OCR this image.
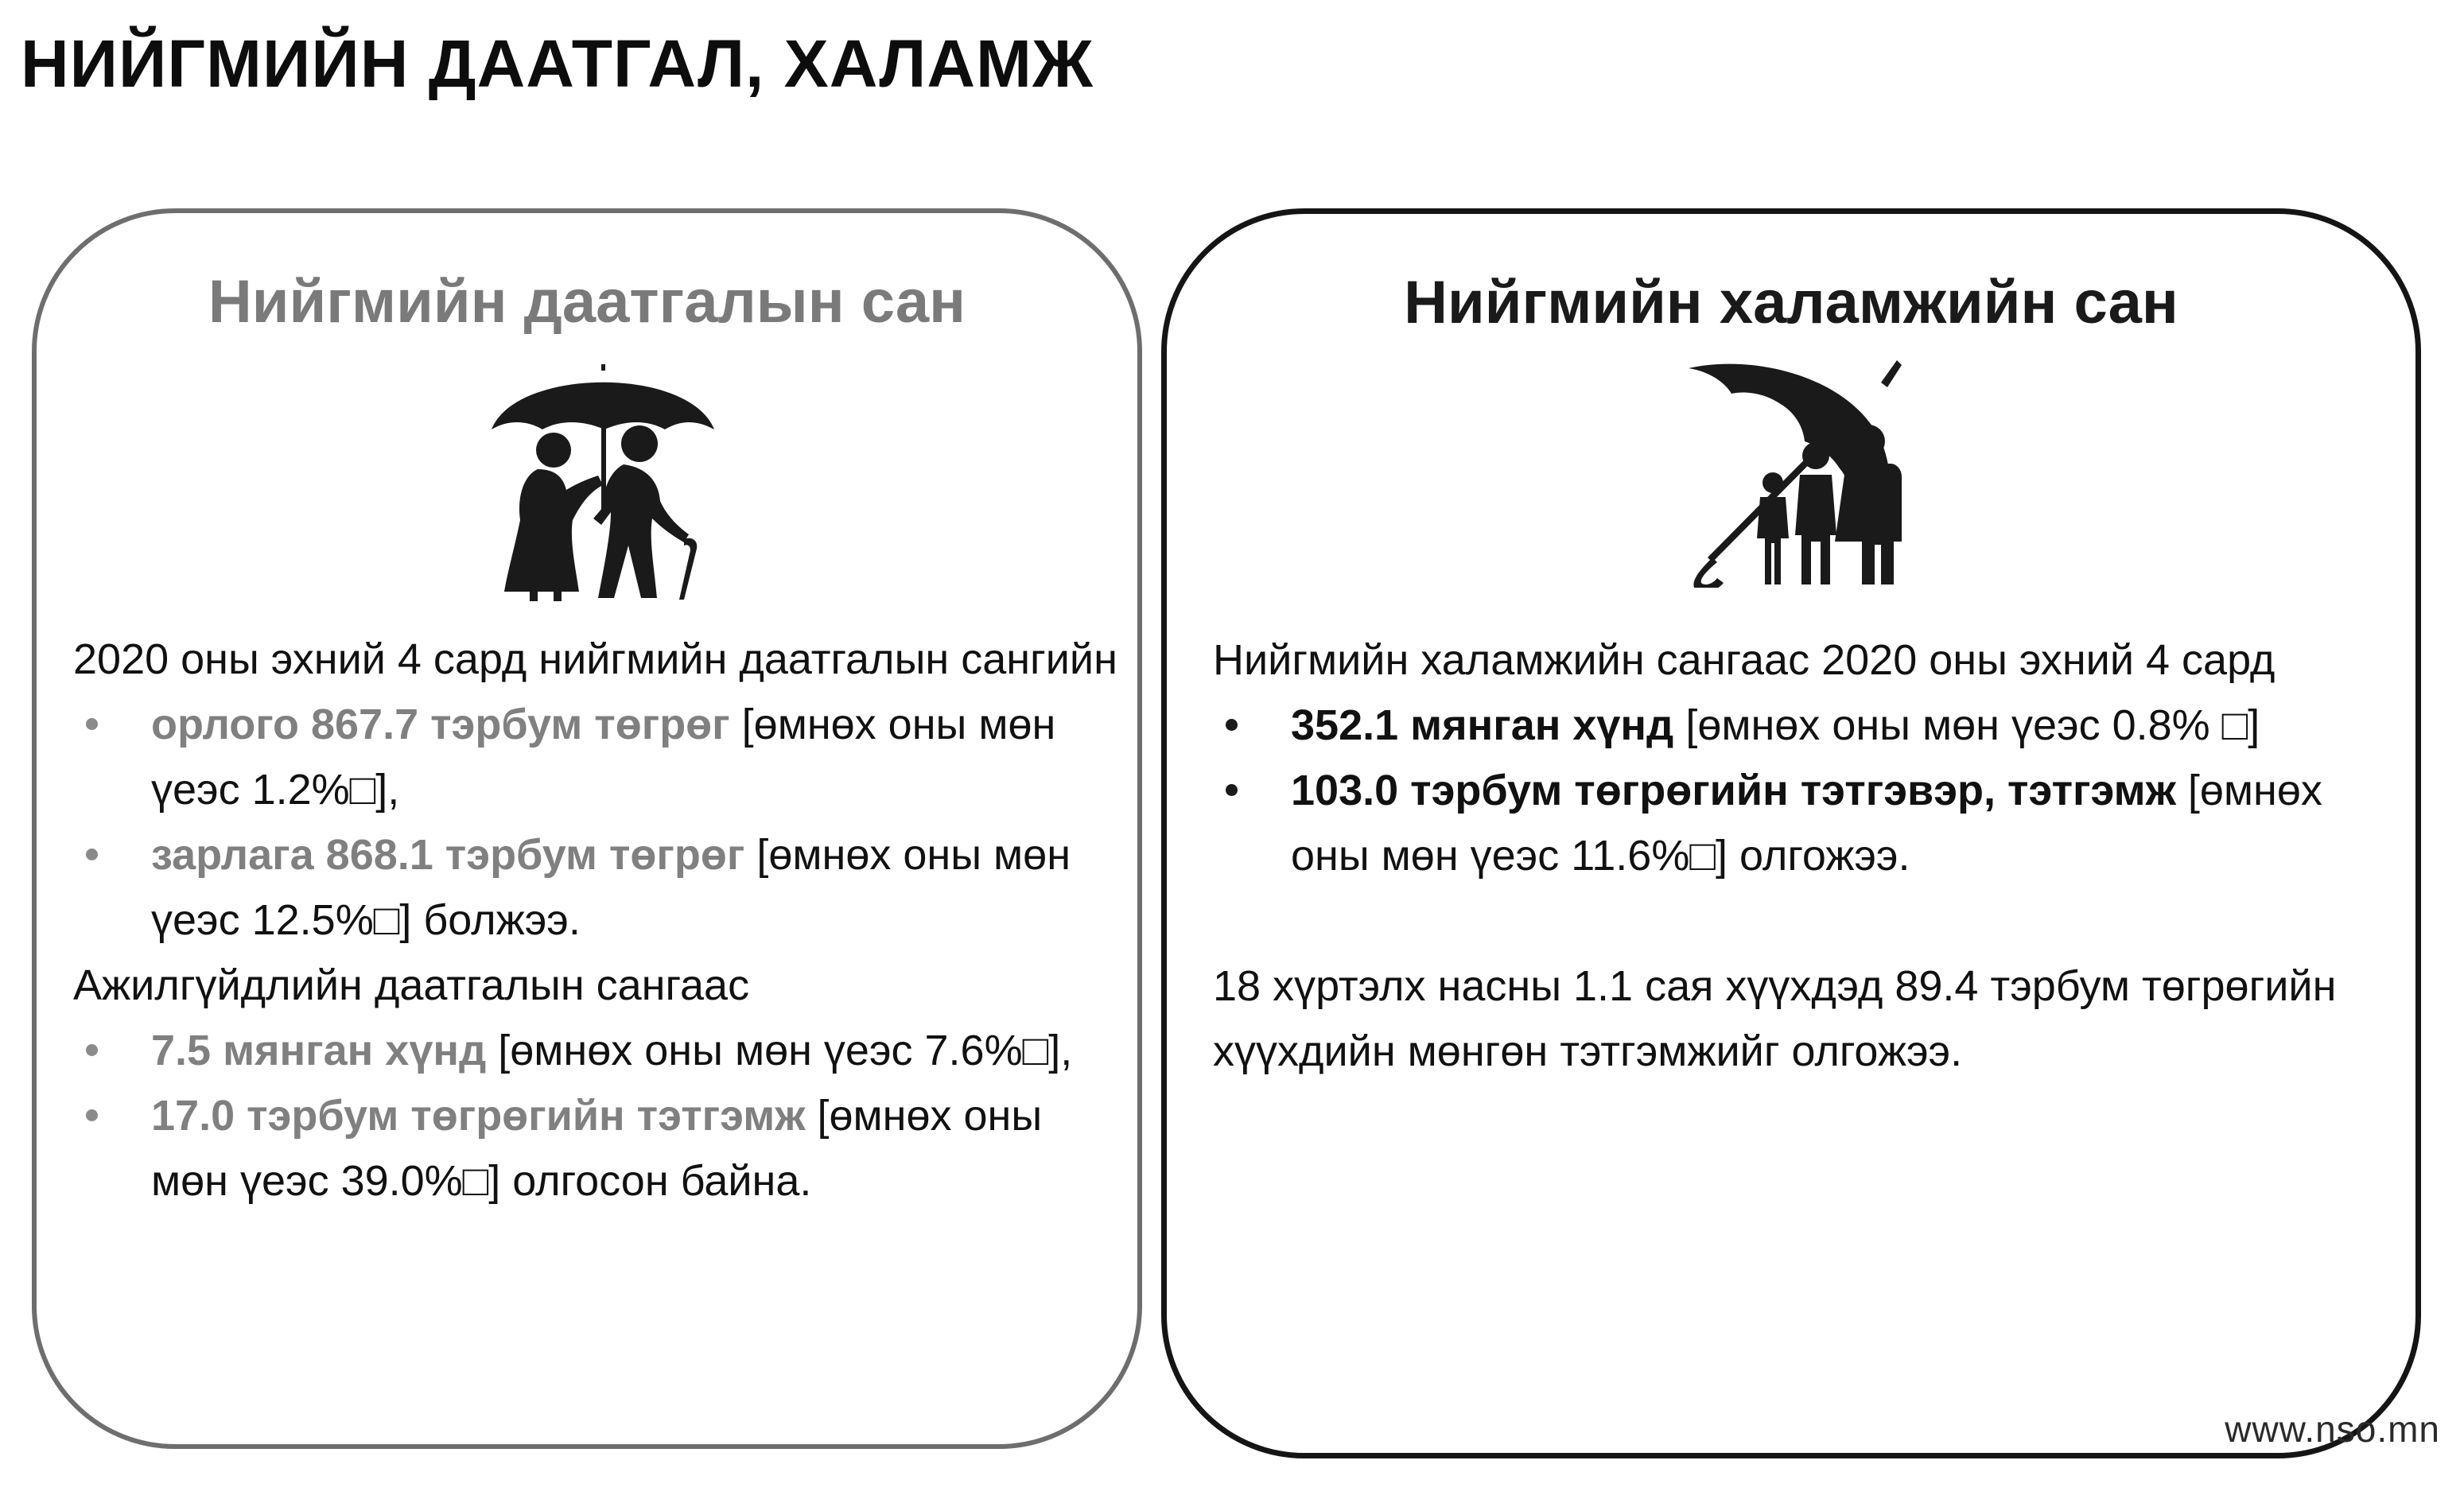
НИЙГМИЙН ДААТГАЛ, ХАЛАМЖ
Нийгмийн даатгалын сан

2020 оны эхний 4 сард нийгмийн даатгалын сангийн

орлого 867.7 тэрбум төгрөг [өмнөх оны мөн үеэс 1.2%□],
зарлага 868.1 тэрбум төгрөг [өмнөх оны мөн үеэс 12.5%□] болжээ.

Ажилгүйдлийн даатгалын сангаас

7.5 мянган хүнд [өмнөх оны мөн үеэс 7.6%□],
17.0 тэрбум төгрөгийн тэтгэмж [өмнөх оны мөн үеэс 39.0%□] олгосон байна.
Нийгмийн халамжийн сан

Нийгмийн халамжийн сангаас 2020 оны эхний 4 сард

352.1 мянган хүнд [өмнөх оны мөн үеэс 0.8% □]
103.0 тэрбум төгрөгийн тэтгэвэр, тэтгэмж [өмнөх оны мөн үеэс 11.6%□] олгожээ.

18 хүртэлх насны 1.1 сая хүүхдэд 89.4 тэрбум төгрөгийн хүүхдийн мөнгөн тэтгэмжийг олгожээ.

www.nso.mn
